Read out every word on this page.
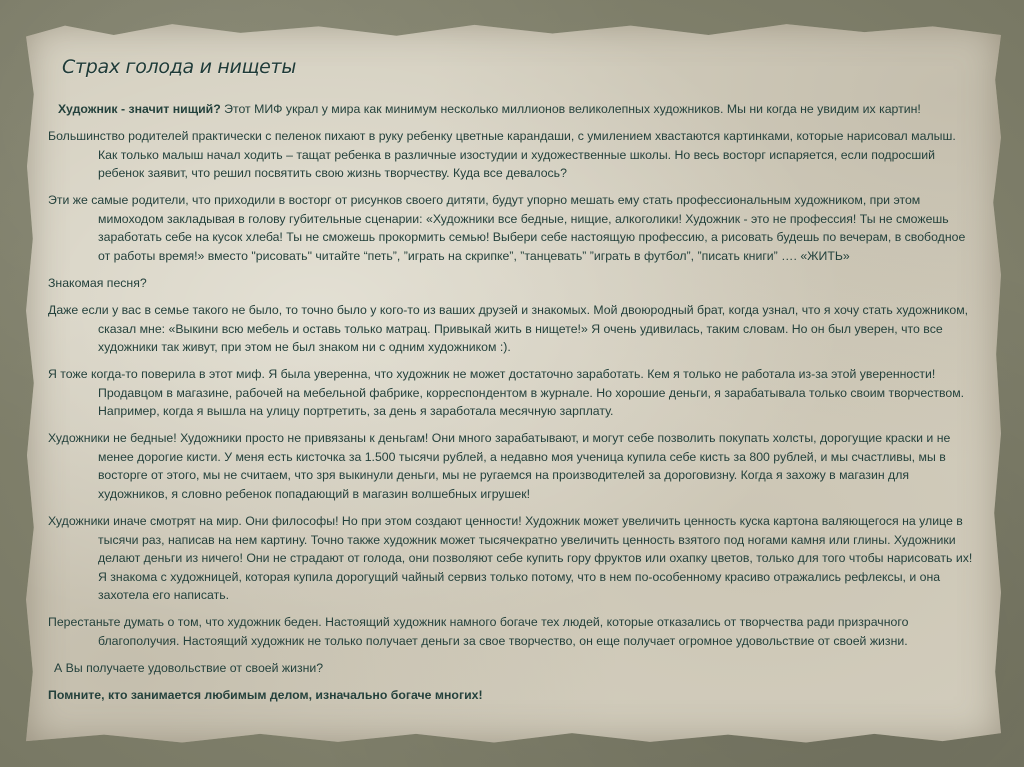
Страх голода и нищеты

Художник - значит нищий? Этот МИФ украл у мира как минимум несколько миллионов великолепных художников. Мы ни когда не увидим их картин!

Большинство родителей практически с пеленок пихают в руку ребенку цветные карандаши, с умилением хвастаются картинками, которые нарисовал малыш. Как только малыш начал ходить – тащат ребенка в различные изостудии и художественные школы. Но весь восторг испаряется, если подросший ребенок заявит, что решил посвятить свою жизнь творчеству. Куда все девалось?

Эти же самые родители, что приходили в восторг от рисунков своего дитяти, будут упорно мешать ему стать профессиональным художником, при этом мимоходом закладывая в голову губительные сценарии: «Художники все бедные, нищие, алкоголики! Художник - это не профессия! Ты не сможешь заработать себе на кусок хлеба! Ты не сможешь прокормить семью! Выбери себе настоящую профессию, а рисовать будешь по вечерам, в свободное от работы время!» вместо "рисовать" читайте “петь”, ”играть на скрипке”, ”танцевать” ”играть в футбол”, ”писать книги” …. «ЖИТЬ»

Знакомая песня?

Даже если у вас в семье такого не было, то точно было у кого-то из ваших друзей и знакомых. Мой двоюродный брат, когда узнал, что я хочу стать художником, сказал мне: «Выкини всю мебель и оставь только матрац. Привыкай жить в нищете!» Я очень удивилась, таким словам. Но он был уверен, что все художники так живут, при этом не был знаком ни с одним художником :).

Я тоже когда-то поверила в этот миф. Я была уверенна, что художник не может достаточно заработать. Кем я только не работала из-за этой уверенности! Продавцом в магазине, рабочей на мебельной фабрике, корреспондентом в журнале. Но хорошие деньги, я зарабатывала только своим творчеством. Например, когда я вышла на улицу портретить, за день я заработала месячную зарплату.

Художники не бедные! Художники просто не привязаны к деньгам! Они много зарабатывают, и могут себе позволить покупать холсты, дорогущие краски и не менее дорогие кисти. У меня есть кисточка за 1.500 тысячи рублей, а недавно моя ученица купила себе кисть за 800 рублей, и мы счастливы, мы в восторге от этого, мы не считаем, что зря выкинули деньги, мы не ругаемся на производителей за дороговизну. Когда я захожу в магазин для художников, я словно ребенок попадающий в магазин волшебных игрушек!

Художники иначе смотрят на мир. Они философы! Но при этом создают ценности! Художник может увеличить ценность куска картона валяющегося на улице в тысячи раз, написав на нем картину. Точно также художник может тысячекратно увеличить ценность взятого под ногами камня или глины. Художники делают деньги из ничего! Они не страдают от голода, они позволяют себе купить гору фруктов или охапку цветов, только для того чтобы нарисовать их! Я знакома с художницей, которая купила дорогущий чайный сервиз только потому, что в нем по-особенному красиво отражались рефлексы, и она захотела его написать.

Перестаньте думать о том, что художник беден. Настоящий художник намного богаче тех людей, которые отказались от творчества ради призрачного благополучия. Настоящий художник не только получает деньги за свое творчество, он еще получает огромное удовольствие от своей жизни.

А Вы получаете удовольствие от своей жизни?

Помните, кто занимается любимым делом, изначально богаче многих!
